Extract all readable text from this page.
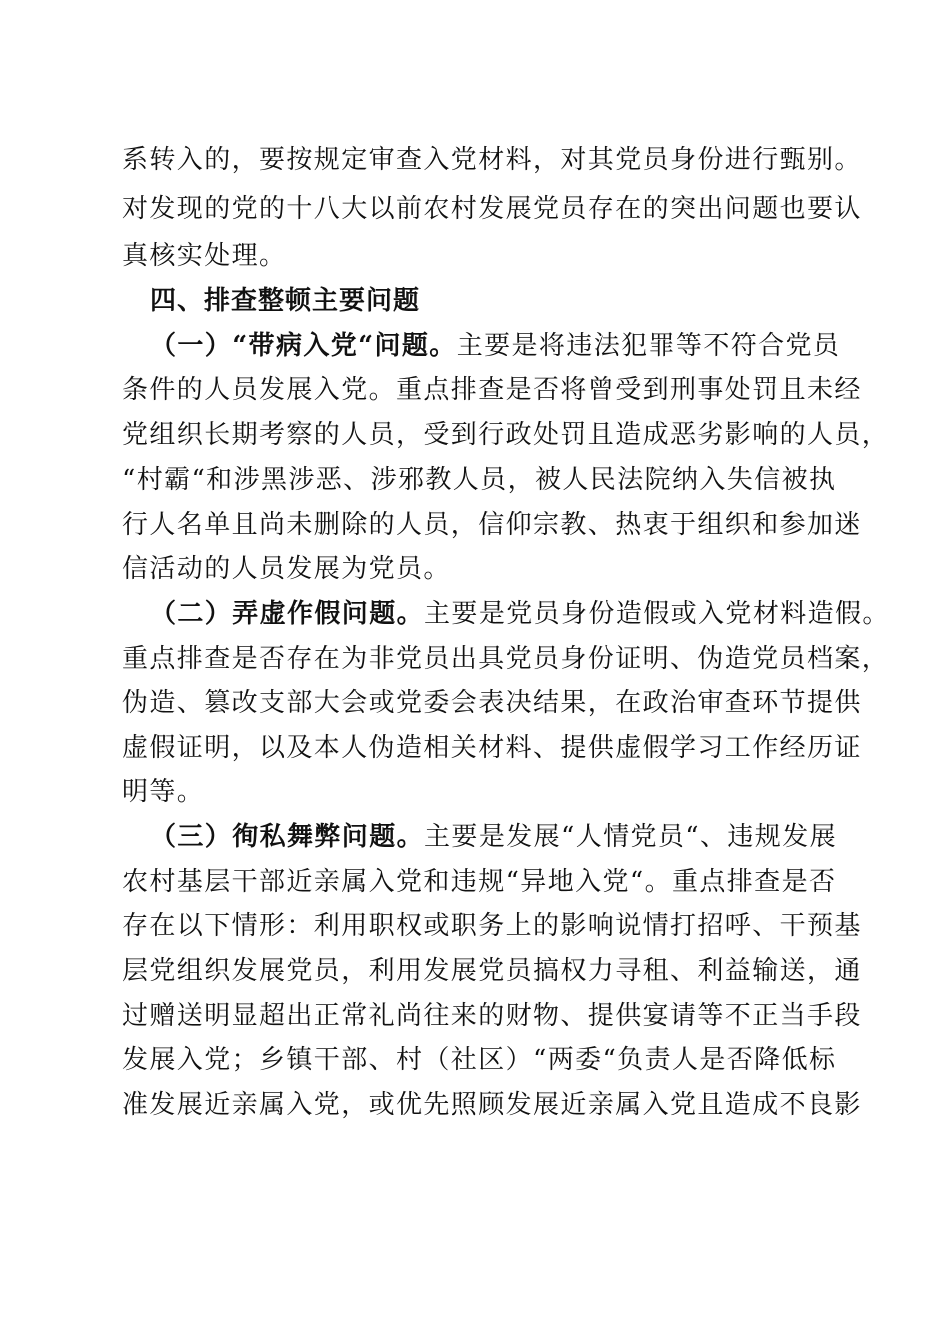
系转入的，要按规定审查入党材料，对其党员身份进行甄别。
对发现的党的十八大以前农村发展党员存在的突出问题也要认
真核实处理。
四、排查整顿主要问题
（一）“带病入党“问题。主要是将违法犯罪等不符合党员
条件的人员发展入党。重点排查是否将曾受到刑事处罚且未经
党组织长期考察的人员，受到行政处罚且造成恶劣影响的人员，
“村霸“和涉黑涉恶、涉邪教人员，被人民法院纳入失信被执
行人名单且尚未删除的人员，信仰宗教、热衷于组织和参加迷
信活动的人员发展为党员。
（二）弄虚作假问题。主要是党员身份造假或入党材料造假。
重点排查是否存在为非党员出具党员身份证明、伪造党员档案，
伪造、篡改支部大会或党委会表决结果，在政治审查环节提供
虚假证明，以及本人伪造相关材料、提供虚假学习工作经历证
明等。
（三）徇私舞弊问题。主要是发展“人情党员“、违规发展
农村基层干部近亲属入党和违规“异地入党“。重点排查是否
存在以下情形：利用职权或职务上的影响说情打招呼、干预基
层党组织发展党员，利用发展党员搞权力寻租、利益输送，通
过赠送明显超出正常礼尚往来的财物、提供宴请等不正当手段
发展入党；乡镇干部、村（社区）“两委“负责人是否降低标
准发展近亲属入党，或优先照顾发展近亲属入党且造成不良影
